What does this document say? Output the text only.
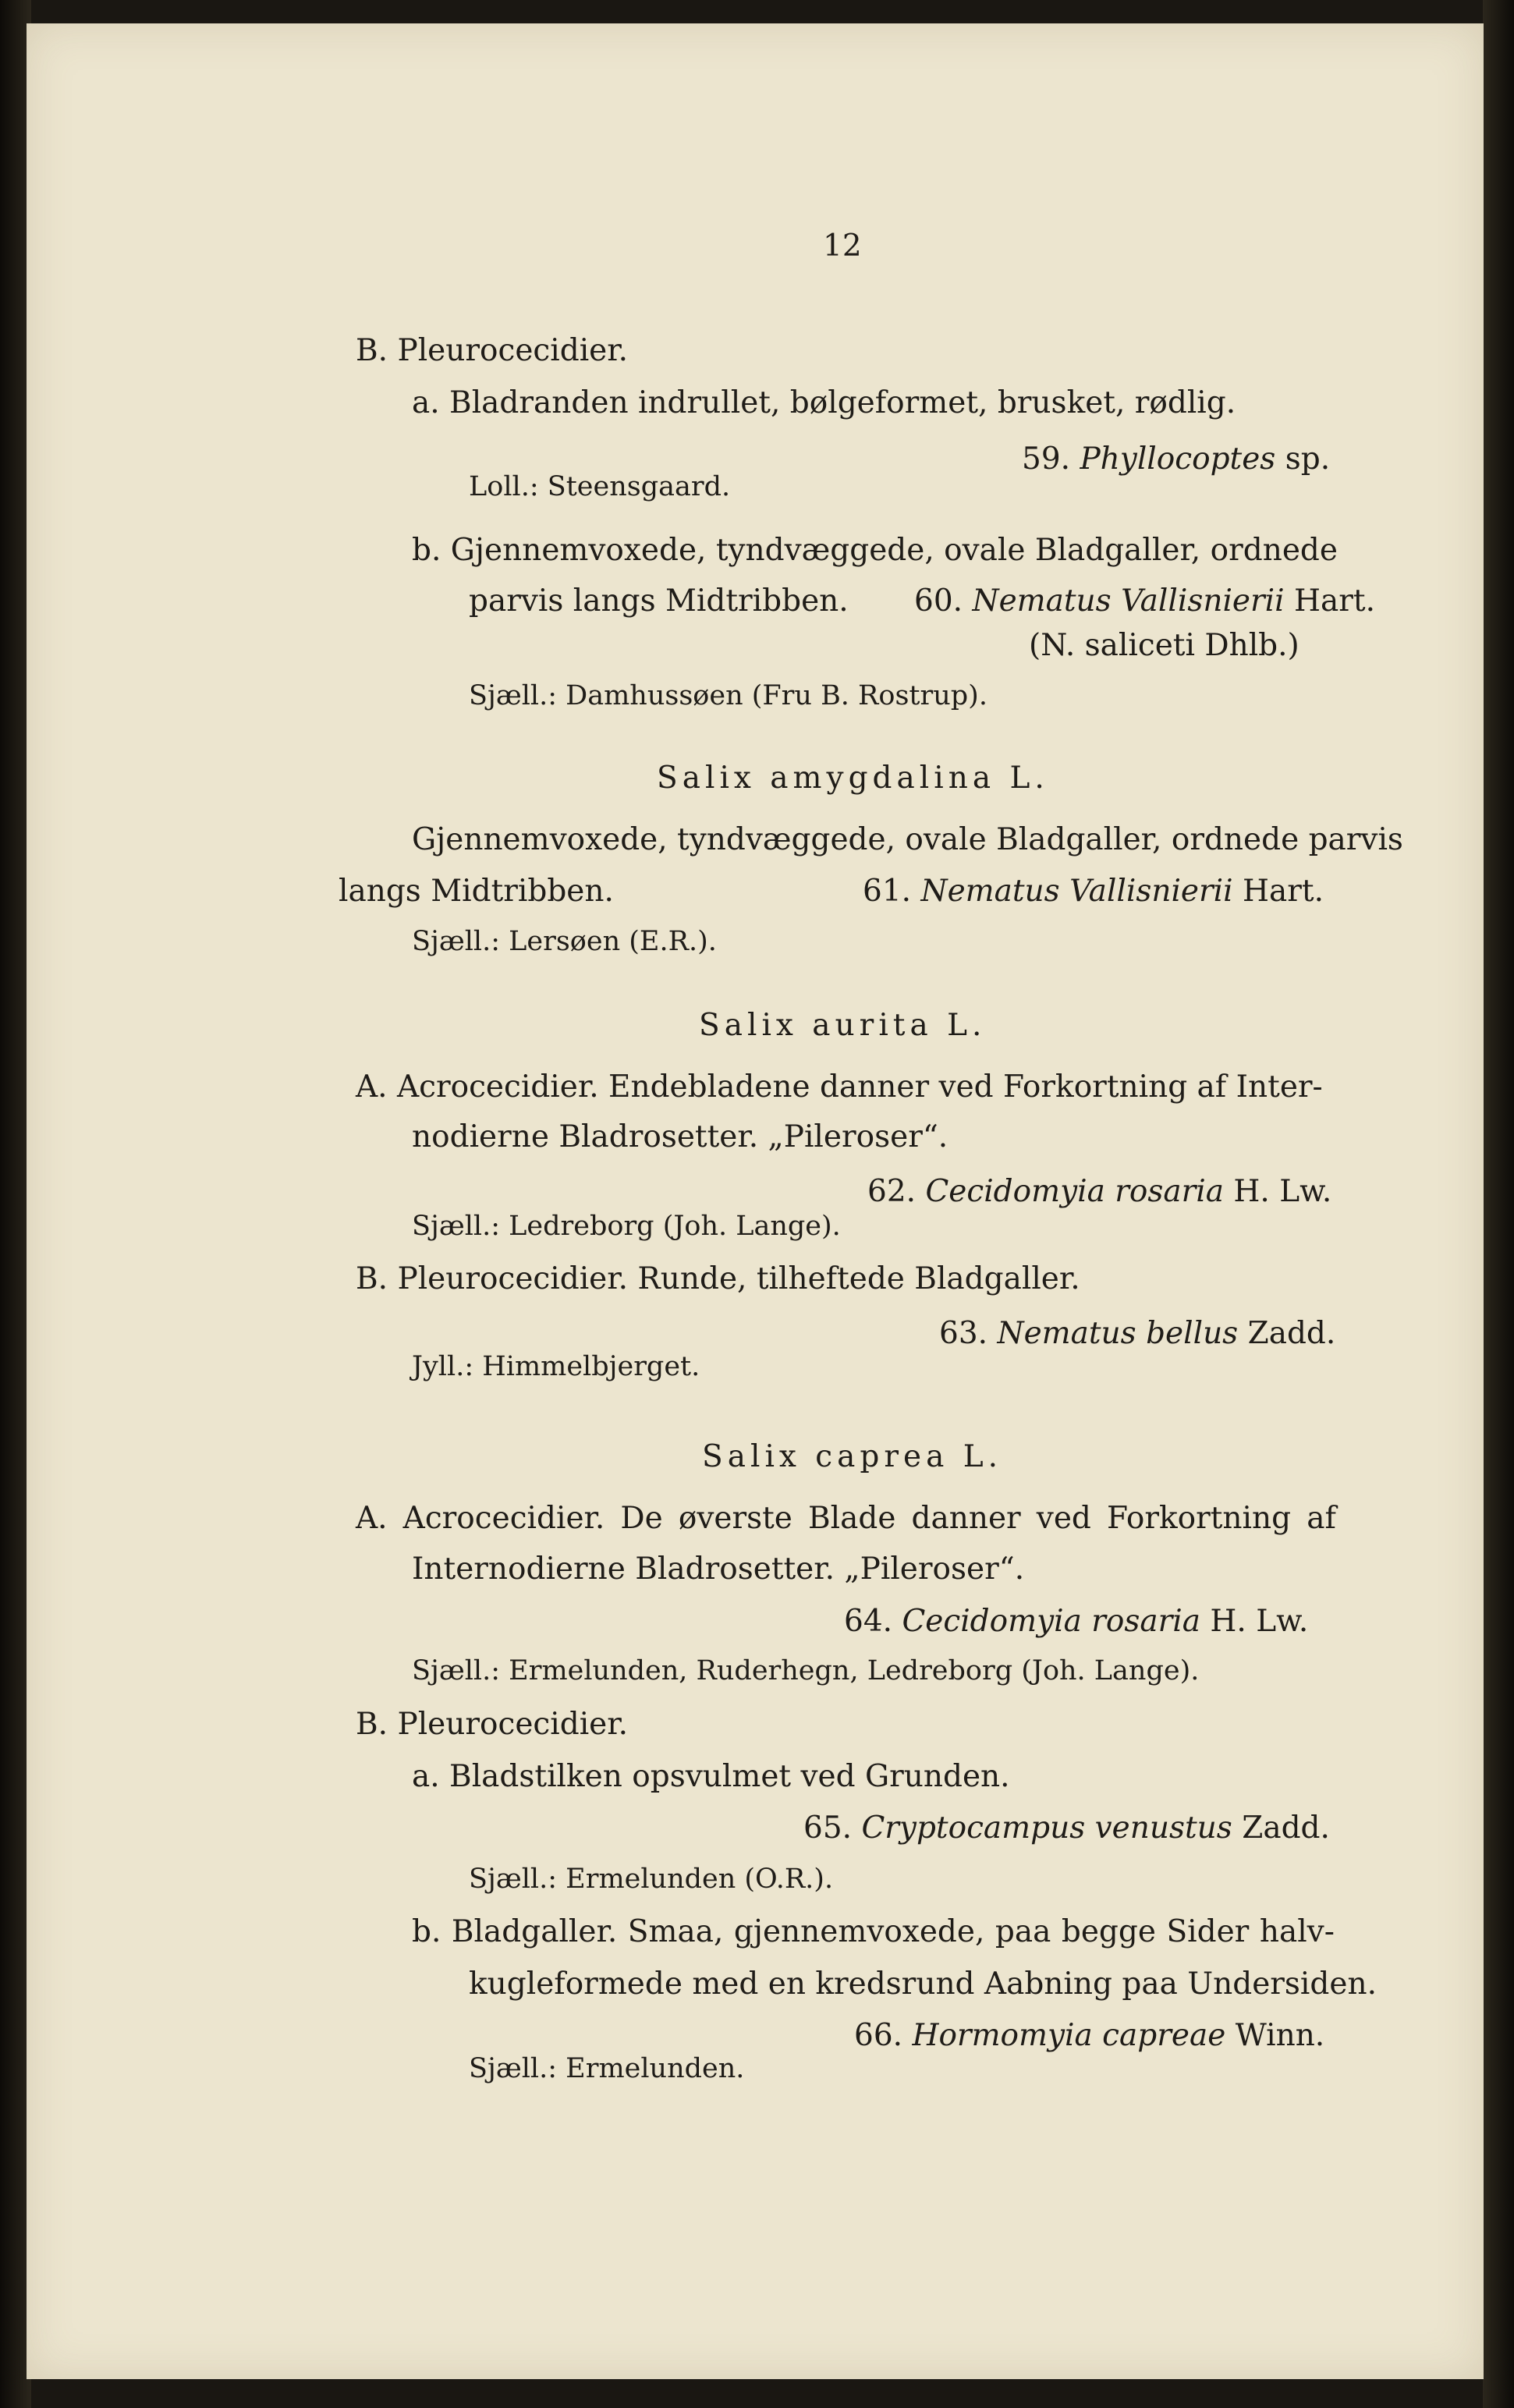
12

B. Pleurocecidier.

a. Bladranden indrullet, bølgeformet, brusket, rødlig.

59. Phyllocoptes sp.

Loll.: Steensgaard.

b. Gjennemvoxede, tyndvæggede, ovale Bladgaller, ordnede

parvis langs Midtribben. 60. Nematus Vallisnierii Hart.

(N. saliceti Dhlb.)

Sjæll.: Damhussøen (Fru B. Rostrup).

Salix amygdalina L.

Gjennemvoxede, tyndvæggede, ovale Bladgaller, ordnede parvis

langs Midtribben.	61. Nematus Vallisnierii Hart.

Sjæll.: Lersøen (E.R.).

Salix aurita L.

A. Acrocecidier. Endebladene danner ved Forkortning af Inter-

nodierne Bladrosetter. „Pileroser“.

62. Cecidomyia rosaria H. Lw.

Sjæll.: Ledreborg (Joh. Lange).

B. Pleurocecidier. Runde, tilheftede Bladgaller.

63. Nematus bellus Zadd.

Jyll.: Himmelbjerget.

Salix caprea L.

A. Acrocecidier. De øverste Blade danner ved Forkortning af

Internodierne Bladrosetter. „Pileroser“.

64. Cecidomyia rosaria H. Lw.

Sjæll.: Ermelunden, Ruderhegn, Ledreborg (Joh. Lange).

B. Pleurocecidier.

a. Bladstilken opsvulmet ved Grunden.

65. Cryptocampus venustus Zadd.

Sjæll.: Ermelunden (O.R.).

b. Bladgaller. Smaa, gjennemvoxede, paa begge Sider halv-

kugleformede med en kredsrund Aabning paa Undersiden.

66. Hormomyia capreae Winn.

Sjæll.: Ermelunden.
